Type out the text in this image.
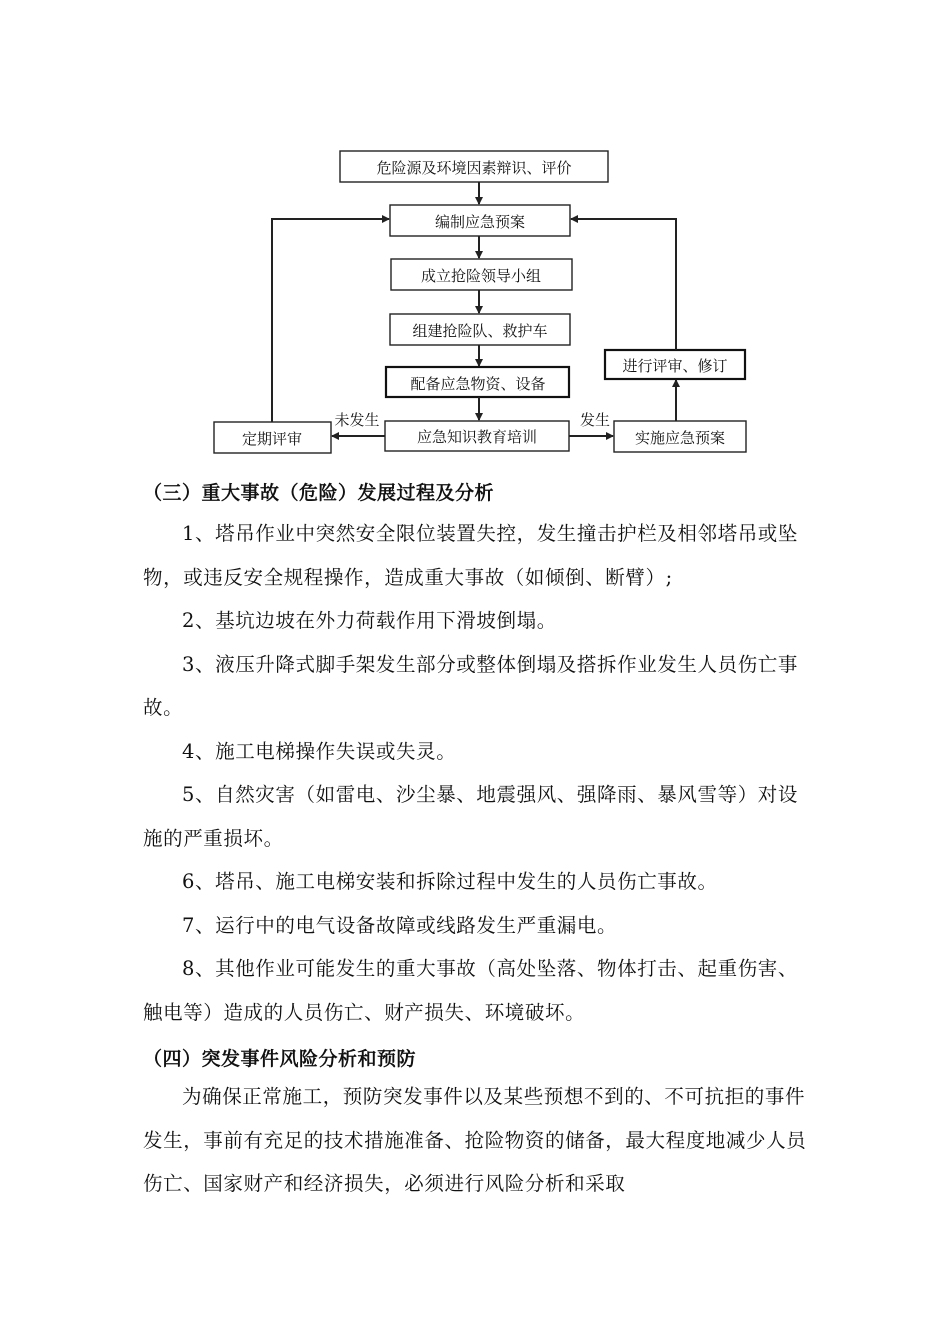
危险源及环境因素辩识、评价
编制应急预案
成立抢险领导小组
组建抢险队、救护车
配备应急物资、设备
应急知识教育培训
定期评审	实施应急预案
进行评审、修订
未发生	发生
（三）重大事故（危险）发展过程及分析

1、塔吊作业中突然安全限位装置失控，发生撞击护栏及相邻塔吊或坠物，或违反安全规程操作，造成重大事故（如倾倒、断臂）;

2、基坑边坡在外力荷载作用下滑坡倒塌。

3、液压升降式脚手架发生部分或整体倒塌及搭拆作业发生人员伤亡事故。

4、施工电梯操作失误或失灵。

5、自然灾害（如雷电、沙尘暴、地震强风、强降雨、暴风雪等）对设施的严重损坏。

6、塔吊、施工电梯安装和拆除过程中发生的人员伤亡事故。

7、运行中的电气设备故障或线路发生严重漏电。

8、其他作业可能发生的重大事故（高处坠落、物体打击、起重伤害、触电等）造成的人员伤亡、财产损失、环境破坏。

（四）突发事件风险分析和预防

为确保正常施工，预防突发事件以及某些预想不到的、不可抗拒的事件发生，事前有充足的技术措施准备、抢险物资的储备，最大程度地减少人员伤亡、国家财产和经济损失，必须进行风险分析和采取
